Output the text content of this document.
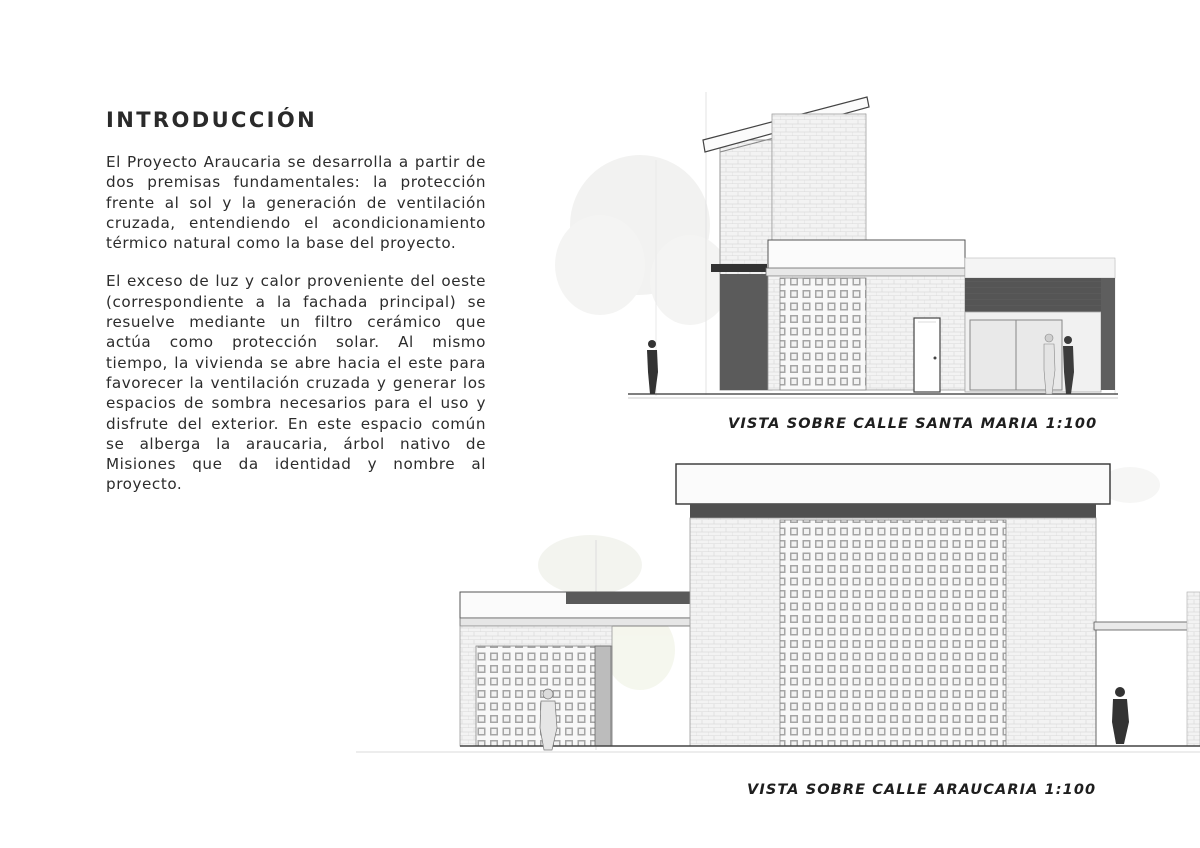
INTRODUCCIÓN

El Proyecto Araucaria se desarrolla a partir de dos premisas fundamentales: la protección frente al sol y la generación de ventilación cruzada, entendiendo el acondicionamiento térmico natural como la base del proyecto.

El exceso de luz y calor proveniente del oeste (correspondiente a la fachada principal) se resuelve mediante un filtro cerámico que actúa como protección solar. Al mismo tiempo, la vivienda se abre hacia el este para favorecer la ventilación cruzada y generar los espacios de sombra necesarios para el uso y disfrute del exterior. En este espacio común se alberga la araucaria, árbol nativo de Misiones que da identidad y nombre al proyecto.

VISTA SOBRE CALLE SANTA MARIA 1:100

VISTA SOBRE CALLE ARAUCARIA 1:100
